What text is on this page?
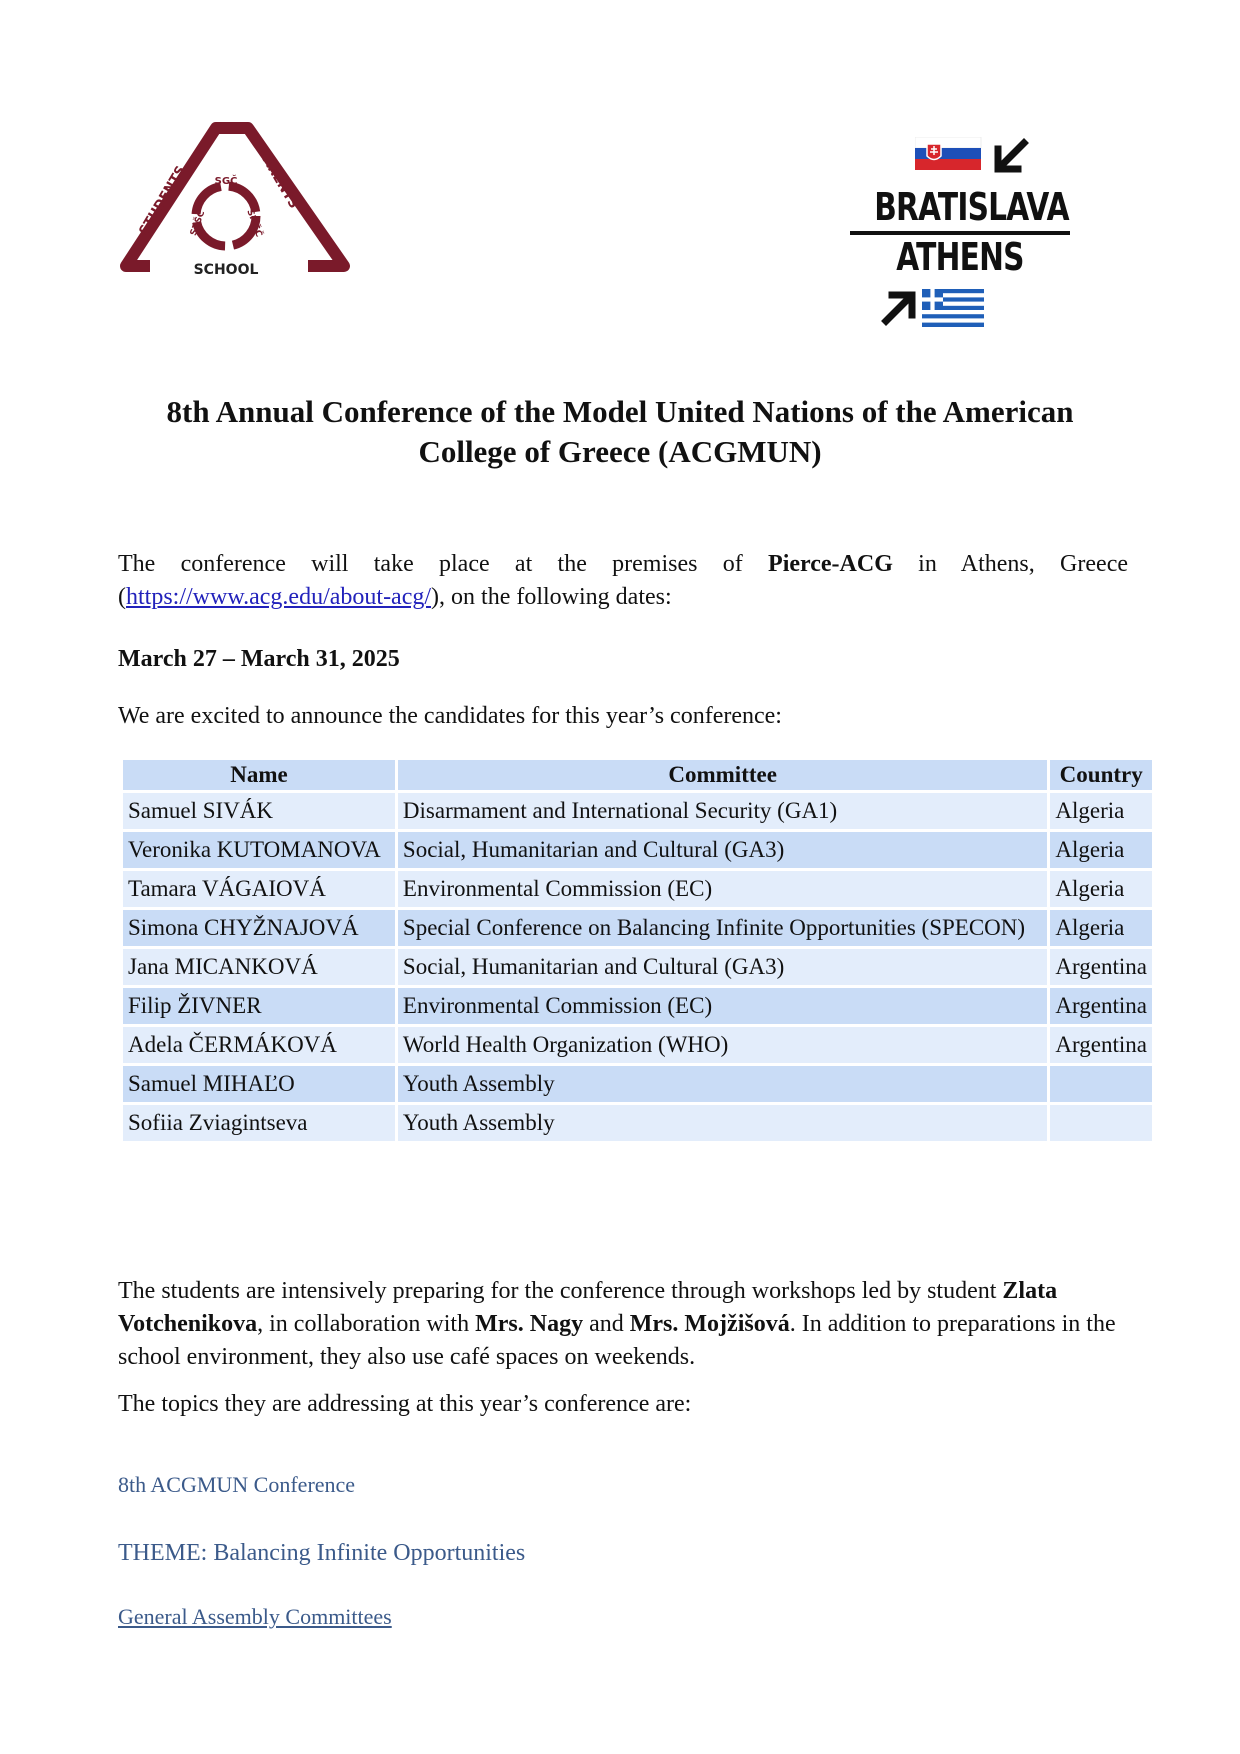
STUDENTS
PARENTS
SCHOOL
SGČ
SZŠČ	SMŠČ	BRATISLAVA
ATHENS
8th Annual Conference of the Model United Nations of the American College of Greece (ACGMUN)

The conference will take place at the premises of Pierce-ACG in Athens, Greece (https://www.acg.edu/about-acg/), on the following dates:

March 27 – March 31, 2025

We are excited to announce the candidates for this year’s conference:

Name	Committee	Country
Samuel SIVÁK	Disarmament and International Security (GA1)	Algeria
Veronika KUTOMANOVA	Social, Humanitarian and Cultural (GA3)	Algeria
Tamara VÁGAIOVÁ	Environmental Commission (EC)	Algeria
Simona CHYŽNAJOVÁ	Special Conference on Balancing Infinite Opportunities (SPECON)	Algeria
Jana MICANKOVÁ	Social, Humanitarian and Cultural (GA3)	Argentina
Filip ŽIVNER	Environmental Commission (EC)	Argentina
Adela ČERMÁKOVÁ	World Health Organization (WHO)	Argentina
Samuel MIHAĽO	Youth Assembly	
Sofiia Zviagintseva	Youth Assembly	

The students are intensively preparing for the conference through workshops led by student Zlata Votchenikova, in collaboration with Mrs. Nagy and Mrs. Mojžišová. In addition to preparations in the school environment, they also use café spaces on weekends.

The topics they are addressing at this year’s conference are:

8th ACGMUN Conference

THEME: Balancing Infinite Opportunities

General Assembly Committees
